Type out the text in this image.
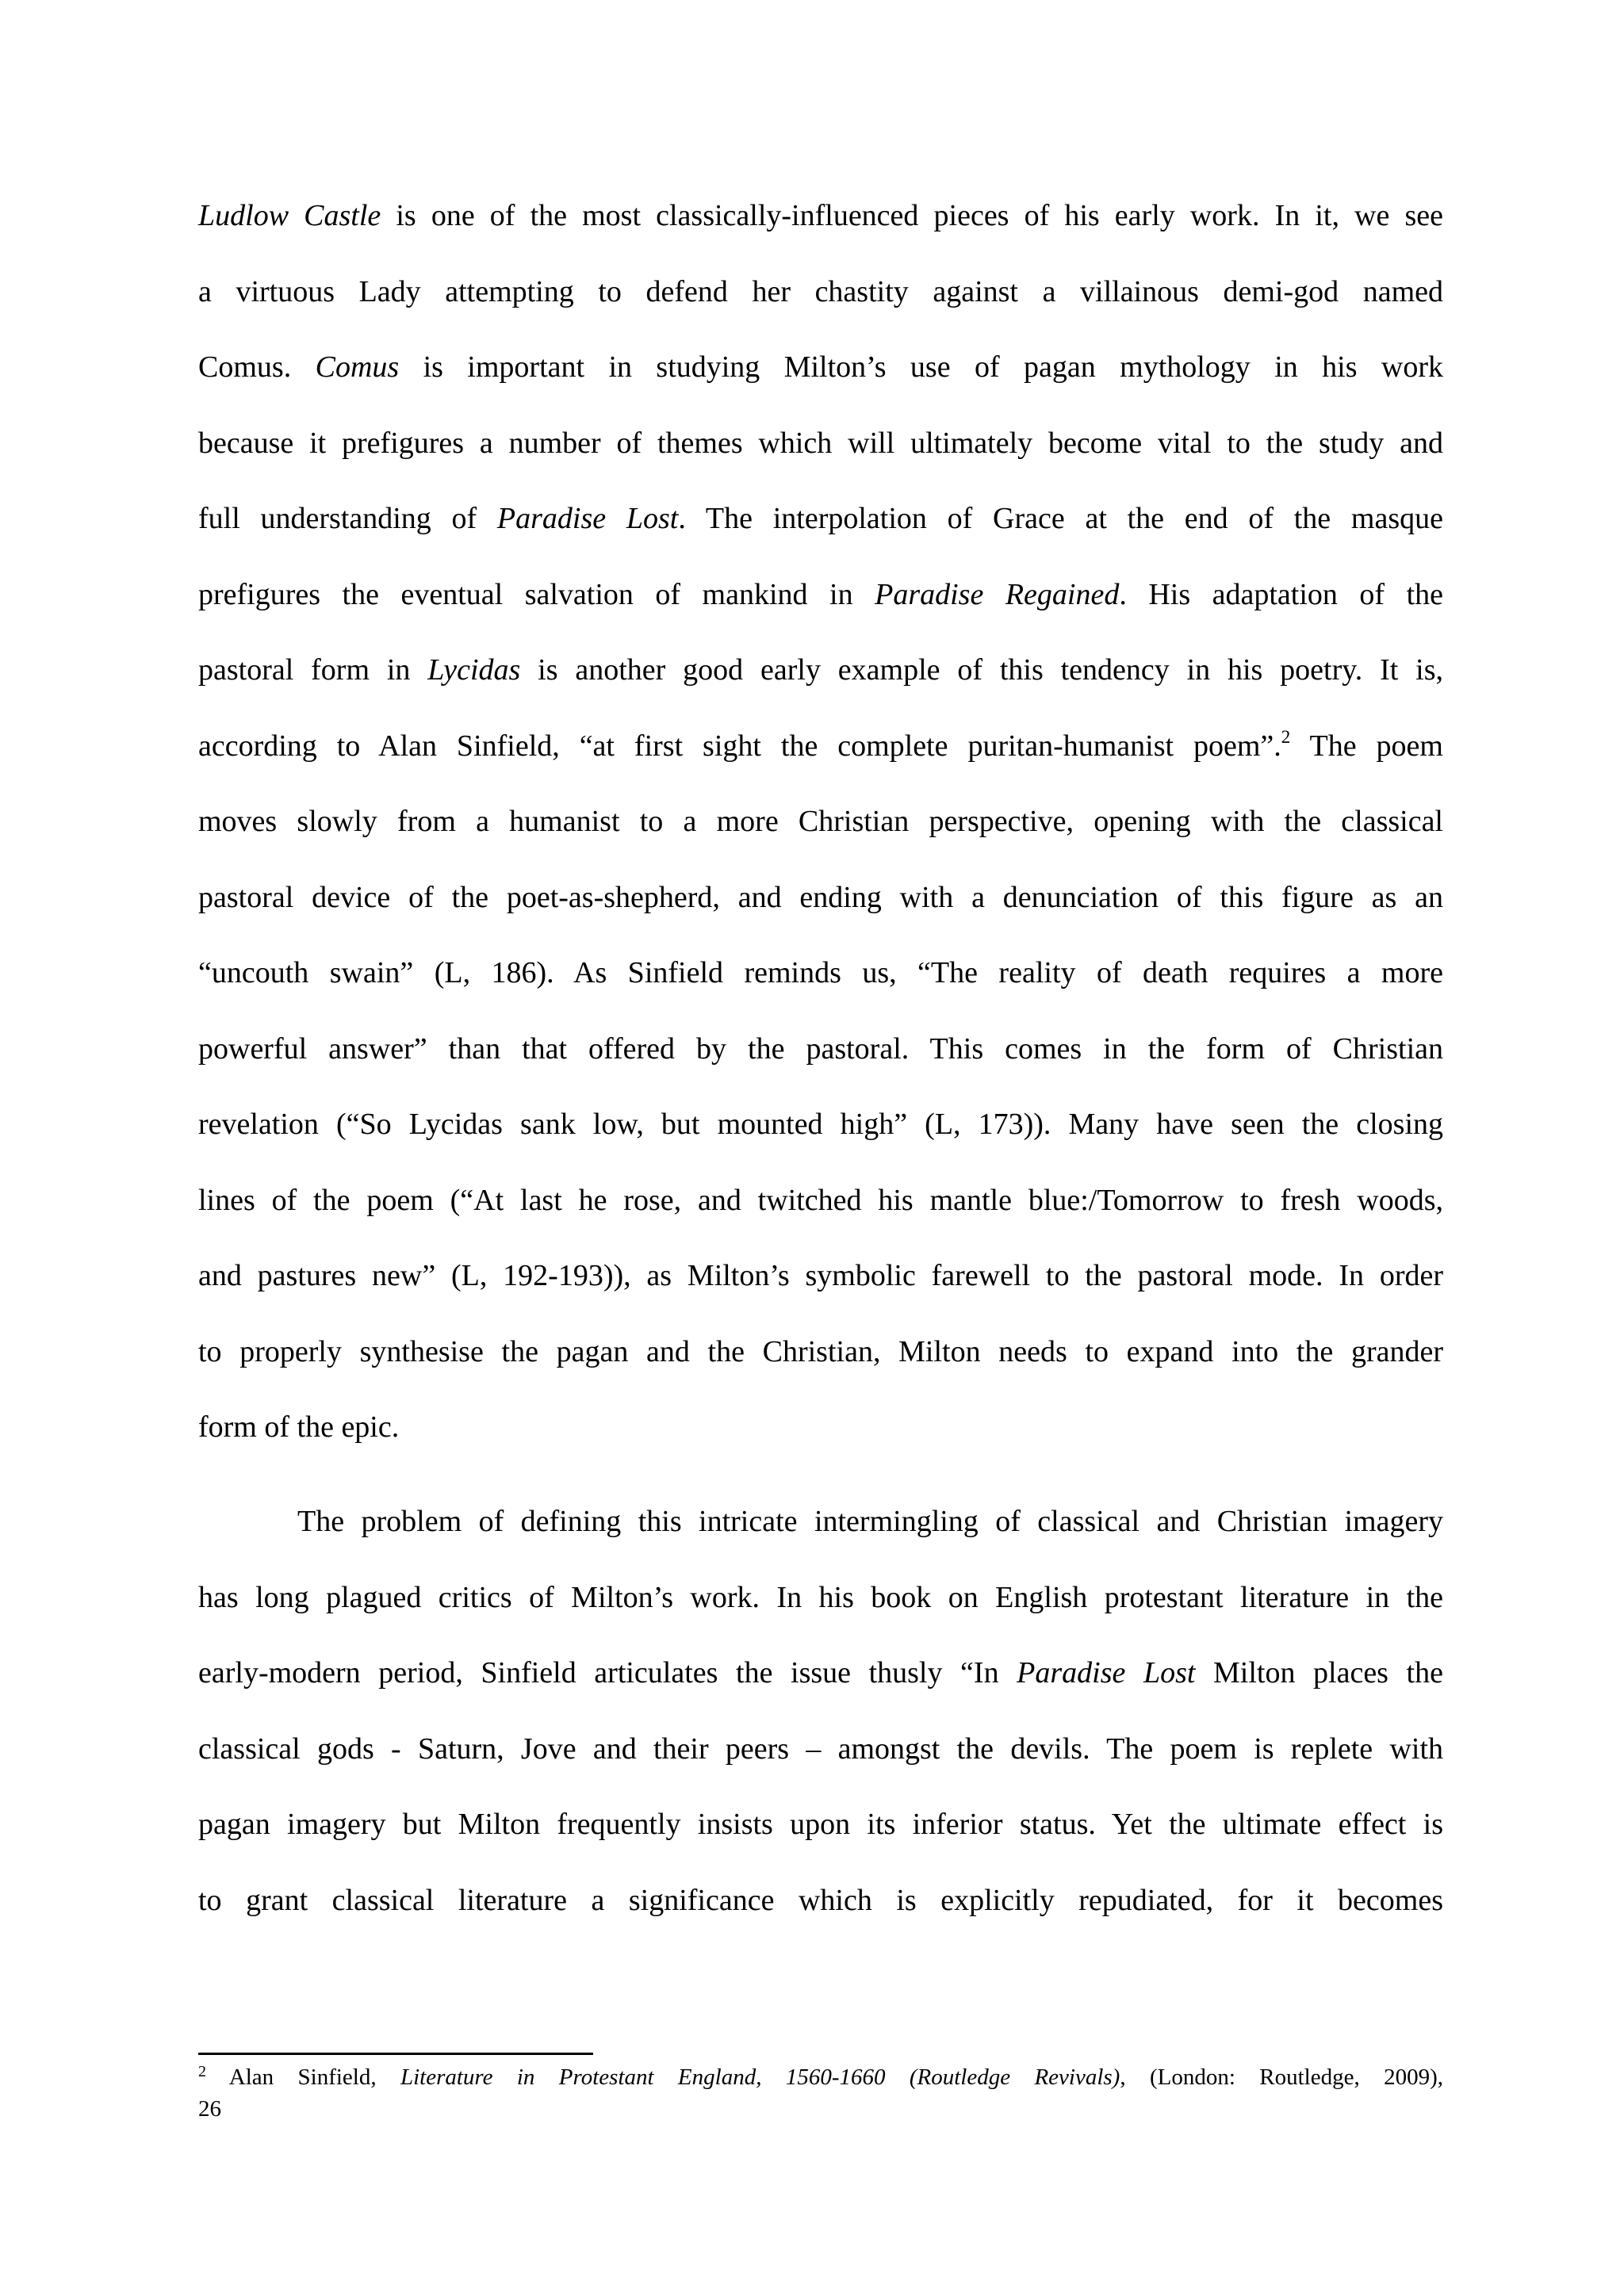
Ludlow Castle is one of the most classically-influenced pieces of his early work. In it, we see
a virtuous Lady attempting to defend her chastity against a villainous demi-god named
Comus. Comus is important in studying Milton’s use of pagan mythology in his work
because it prefigures a number of themes which will ultimately become vital to the study and
full understanding of Paradise Lost. The interpolation of Grace at the end of the masque
prefigures the eventual salvation of mankind in Paradise Regained. His adaptation of the
pastoral form in Lycidas is another good early example of this tendency in his poetry. It is,
according to Alan Sinfield, “at first sight the complete puritan-humanist poem”.$^2$ The poem
moves slowly from a humanist to a more Christian perspective, opening with the classical
pastoral device of the poet-as-shepherd, and ending with a denunciation of this figure as an
“uncouth swain” (L, 186). As Sinfield reminds us, “The reality of death requires a more
powerful answer” than that offered by the pastoral. This comes in the form of Christian
revelation (“So Lycidas sank low, but mounted high” (L, 173)). Many have seen the closing
lines of the poem (“At last he rose, and twitched his mantle blue:/Tomorrow to fresh woods,
and pastures new” (L, 192-193)), as Milton’s symbolic farewell to the pastoral mode. In order
to properly synthesise the pagan and the Christian, Milton needs to expand into the grander
form of the epic.
The problem of defining this intricate intermingling of classical and Christian imagery
has long plagued critics of Milton’s work. In his book on English protestant literature in the
early-modern period, Sinfield articulates the issue thusly “In Paradise Lost Milton places the
classical gods - Saturn, Jove and their peers – amongst the devils. The poem is replete with
pagan imagery but Milton frequently insists upon its inferior status. Yet the ultimate effect is
to grant classical literature a significance which is explicitly repudiated, for it becomes
$^2$ Alan Sinfield, Literature in Protestant England, 1560-1660 (Routledge Revivals), (London: Routledge, 2009),
26
